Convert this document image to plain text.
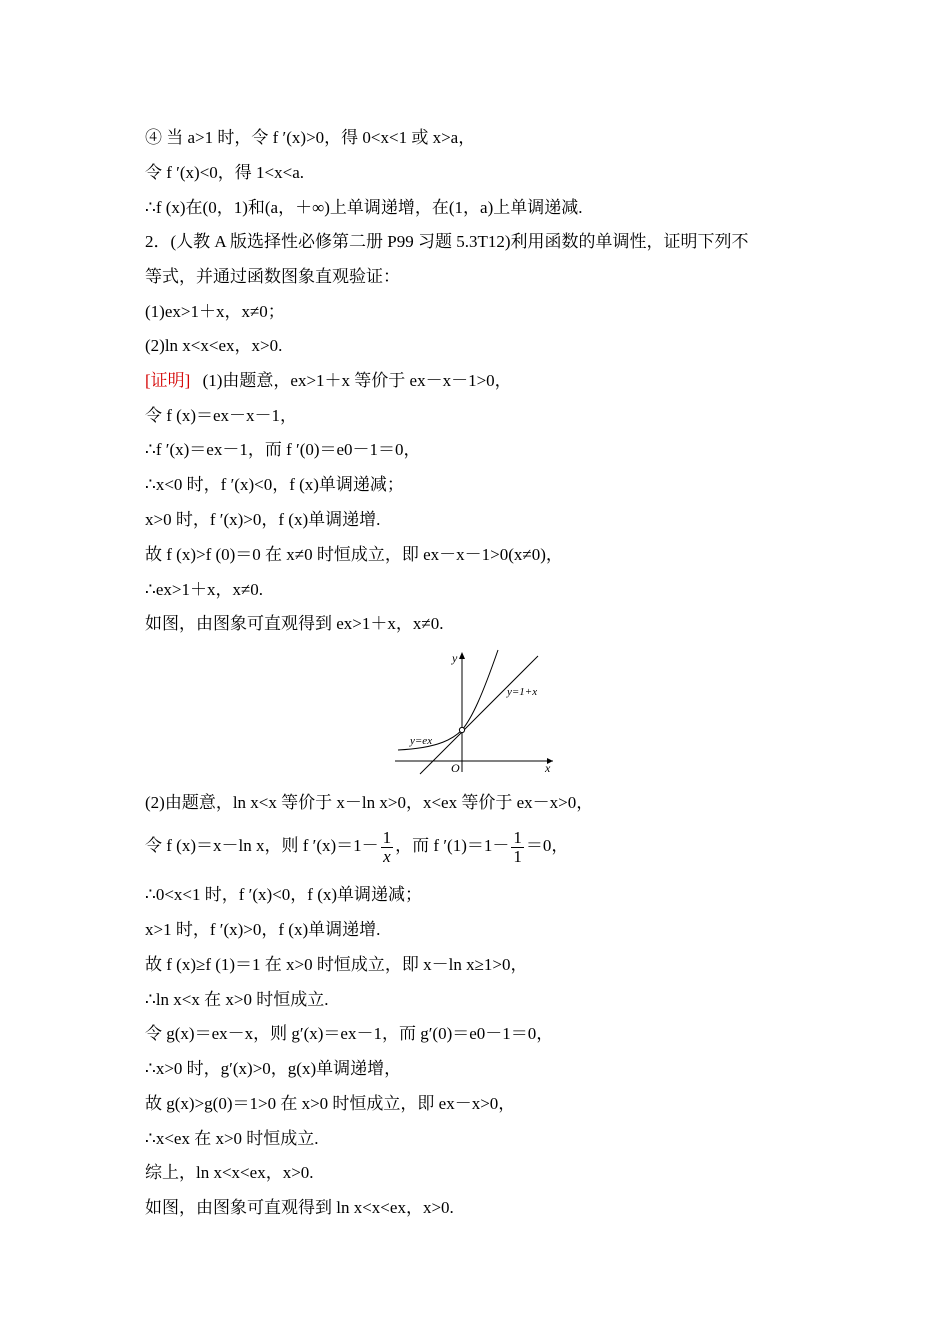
④ 当 a>1 时，令 f ′(x)>0，得 0<x<1 或 x>a，
令 f ′(x)<0，得 1<x<a.
∴f (x)在(0，1)和(a，＋∞)上单调递增，在(1，a)上单调递减.
2．(人教 A 版选择性必修第二册 P99 习题 5.3T12)利用函数的单调性，证明下列不
等式，并通过函数图象直观验证：
(1)ex>1＋x，x≠0；
(2)ln x<x<ex，x>0.
[证明] (1)由题意，ex>1＋x 等价于 ex－x－1>0，
令 f (x)＝ex－x－1，
∴f ′(x)＝ex－1，而 f ′(0)＝e0－1＝0，
∴x<0 时，f ′(x)<0，f (x)单调递减；
x>0 时，f ′(x)>0，f (x)单调递增.
故 f (x)>f (0)＝0 在 x≠0 时恒成立，即 ex－x－1>0(x≠0)，
∴ex>1＋x，x≠0.
如图，由图象可直观得到 ex>1＋x，x≠0.
y
x
O
y=ex
y=1+x
(2)由题意，ln x<x 等价于 x－ln x>0，x<ex 等价于 ex－x>0，
令 f (x)＝x－ln x，则 f $'(x)=1- \frac{1}{x}$ ，而 f $'(1)=1- \frac{1}{1} =0$，
∴0<x<1 时，f ′(x)<0，f (x)单调递减；
x>1 时，f ′(x)>0，f (x)单调递增.
故 f (x)≥f (1)＝1 在 x>0 时恒成立，即 x－ln x≥1>0，
∴ln x<x 在 x>0 时恒成立.
令 g(x)＝ex－x，则 g′(x)＝ex－1，而 g′(0)＝e0－1＝0，
∴x>0 时，g′(x)>0，g(x)单调递增，
故 g(x)>g(0)＝1>0 在 x>0 时恒成立，即 ex－x>0，
∴x<ex 在 x>0 时恒成立.
综上，ln x<x<ex，x>0.
如图，由图象可直观得到 ln x<x<ex，x>0.
